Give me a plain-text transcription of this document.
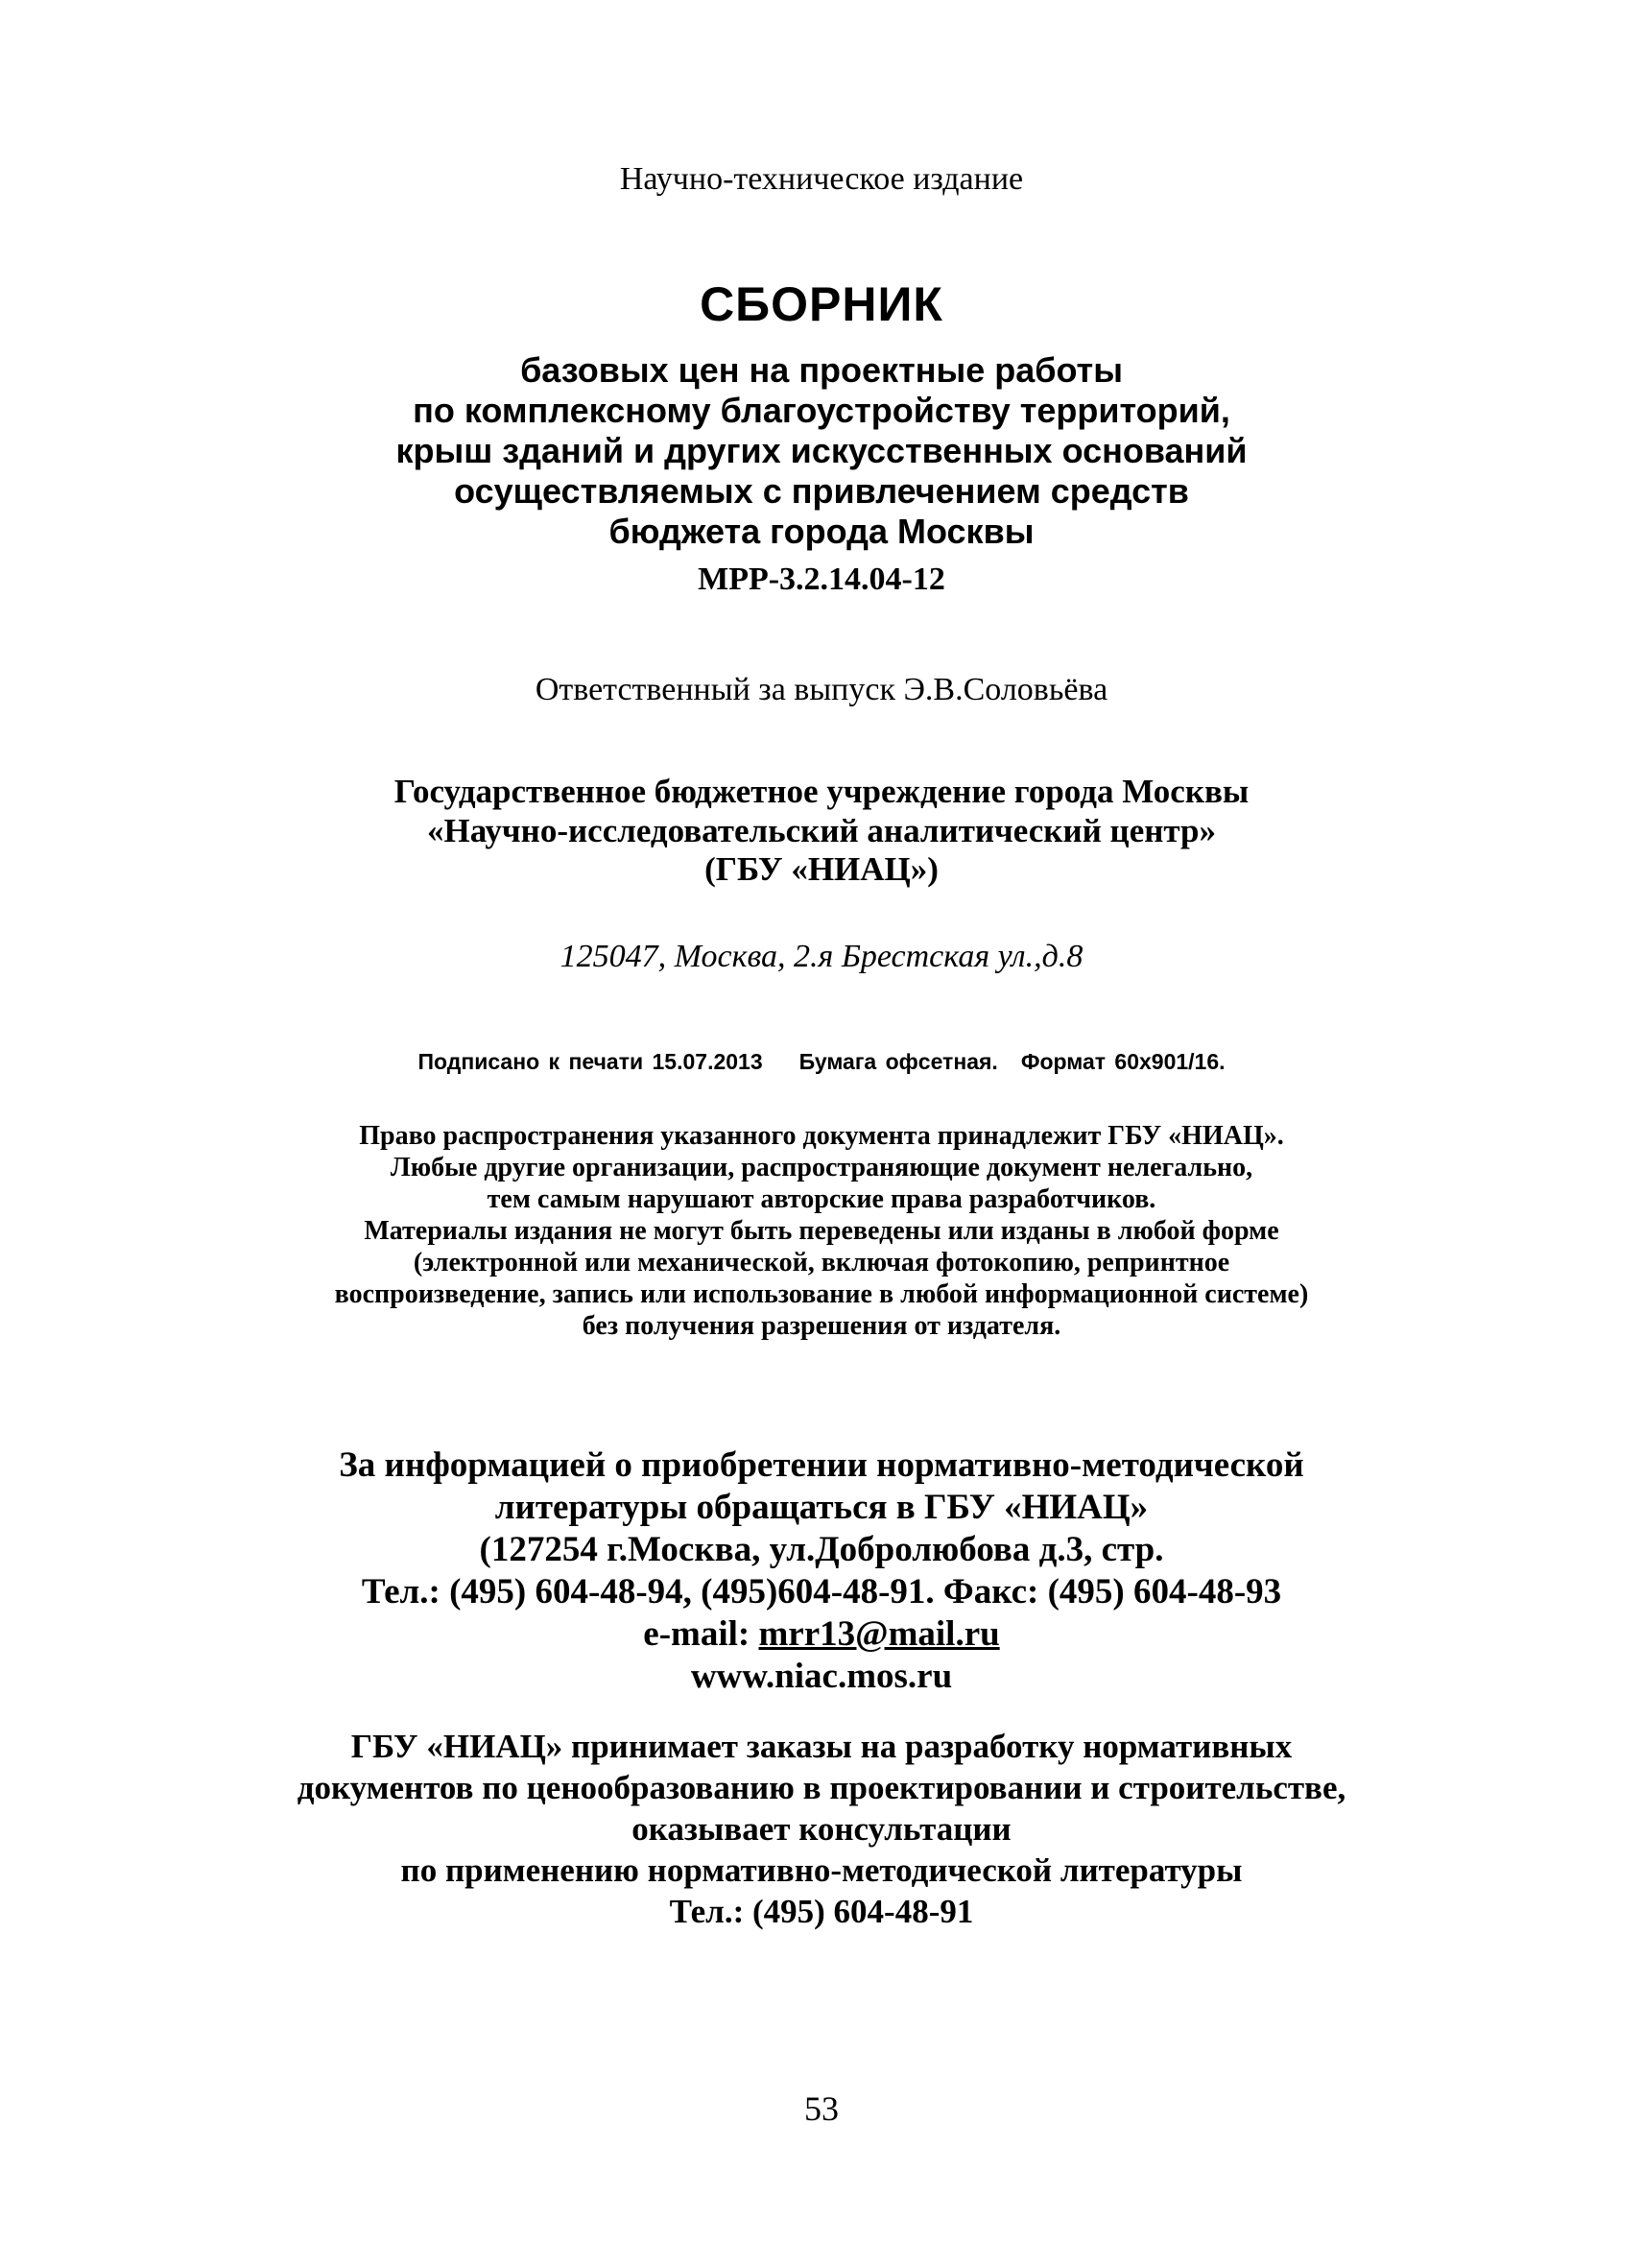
Научно-техническое издание
СБОРНИК
базовых цен на проектные работы
по комплексному благоустройству территорий,
крыш зданий и других искусственных оснований
осуществляемых с привлечением средств
бюджета города Москвы
МРР-3.2.14.04-12
Ответственный за выпуск Э.В.Соловьёва
Государственное бюджетное учреждение города Москвы
«Научно-исследовательский аналитический центр»
(ГБУ «НИАЦ»)
125047, Москва, 2.я Брестская ул.,д.8
Подписано к печати 15.07.2013 Бумага офсетная. Формат 60х901/16.
Право распространения указанного документа принадлежит ГБУ «НИАЦ».
Любые другие организации, распространяющие документ нелегально,
тем самым нарушают авторские права разработчиков.
Материалы издания не могут быть переведены или изданы в любой форме
(электронной или механической, включая фотокопию, репринтное
воспроизведение, запись или использование в любой информационной системе)
без получения разрешения от издателя.
За информацией о приобретении нормативно-методической
литературы обращаться в ГБУ «НИАЦ»
(127254 г.Москва, ул.Добролюбова д.3, стр.
Тел.: (495) 604-48-94, (495)604-48-91. Факс: (495) 604-48-93
e-mail: mrr13@mail.ru
www.niac.mos.ru
ГБУ «НИАЦ» принимает заказы на разработку нормативных
документов по ценообразованию в проектировании и строительстве,
оказывает консультации
по применению нормативно-методической литературы
Тел.: (495) 604-48-91
53
